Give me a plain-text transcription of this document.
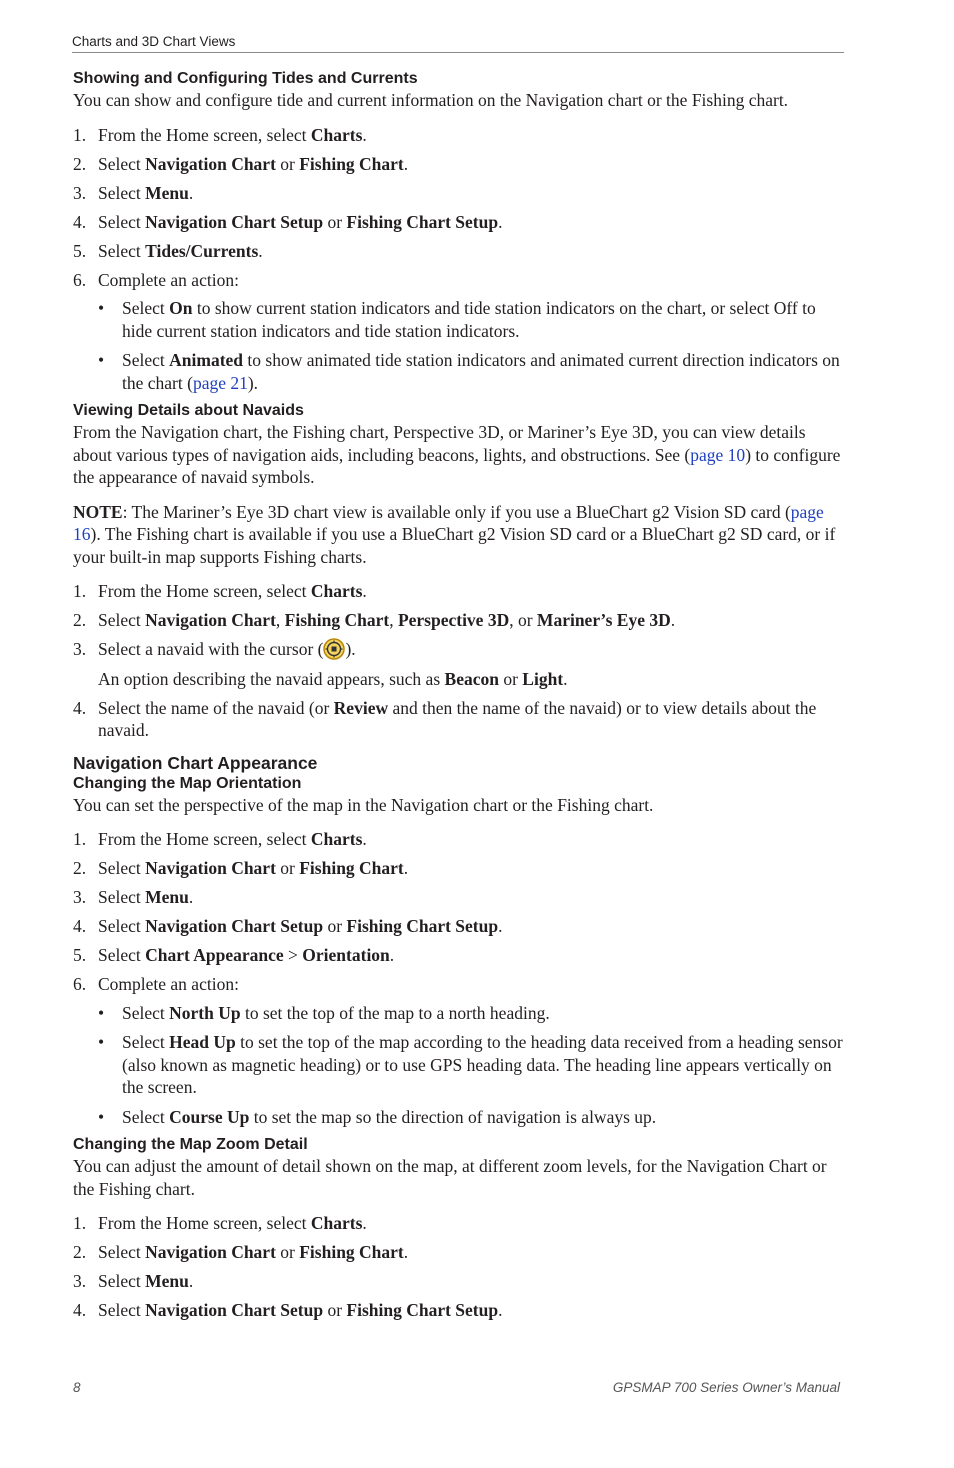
Charts and 3D Chart Views
Showing and Configuring Tides and Currents

You can show and configure tide and current information on the Navigation chart or the Fishing chart.

1. From the Home screen, select Charts.
2. Select Navigation Chart or Fishing Chart.
3. Select Menu.
4. Select Navigation Chart Setup or Fishing Chart Setup.
5. Select Tides/Currents.
6. Complete an action:
• Select On to show current station indicators and tide station indicators on the chart, or select Off to hide current station indicators and tide station indicators.
• Select Animated to show animated tide station indicators and animated current direction indicators on the chart (page 21).
Viewing Details about Navaids

From the Navigation chart, the Fishing chart, Perspective 3D, or Mariner’s Eye 3D, you can view details about various types of navigation aids, including beacons, lights, and obstructions. See (page 10) to configure the appearance of navaid symbols.

NOTE: The Mariner’s Eye 3D chart view is available only if you use a BlueChart g2 Vision SD card (page 16). The Fishing chart is available if you use a BlueChart g2 Vision SD card or a BlueChart g2 SD card, or if your built-in map supports Fishing charts.

1. From the Home screen, select Charts.
2. Select Navigation Chart, Fishing Chart, Perspective 3D, or Mariner’s Eye 3D.
3. Select a navaid with the cursor ( ).

An option describing the navaid appears, such as Beacon or Light.

4. Select the name of the navaid (or Review and then the name of the navaid) or to view details about the navaid.
Navigation Chart Appearance
Changing the Map Orientation

You can set the perspective of the map in the Navigation chart or the Fishing chart.

1. From the Home screen, select Charts.
2. Select Navigation Chart or Fishing Chart.
3. Select Menu.
4. Select Navigation Chart Setup or Fishing Chart Setup.
5. Select Chart Appearance > Orientation.
6. Complete an action:
• Select North Up to set the top of the map to a north heading.
• Select Head Up to set the top of the map according to the heading data received from a heading sensor (also known as magnetic heading) or to use GPS heading data. The heading line appears vertically on the screen.
• Select Course Up to set the map so the direction of navigation is always up.
Changing the Map Zoom Detail

You can adjust the amount of detail shown on the map, at different zoom levels, for the Navigation Chart or the Fishing chart.

1. From the Home screen, select Charts.
2. Select Navigation Chart or Fishing Chart.
3. Select Menu.
4. Select Navigation Chart Setup or Fishing Chart Setup.
8	GPSMAP 700 Series Owner’s Manual
